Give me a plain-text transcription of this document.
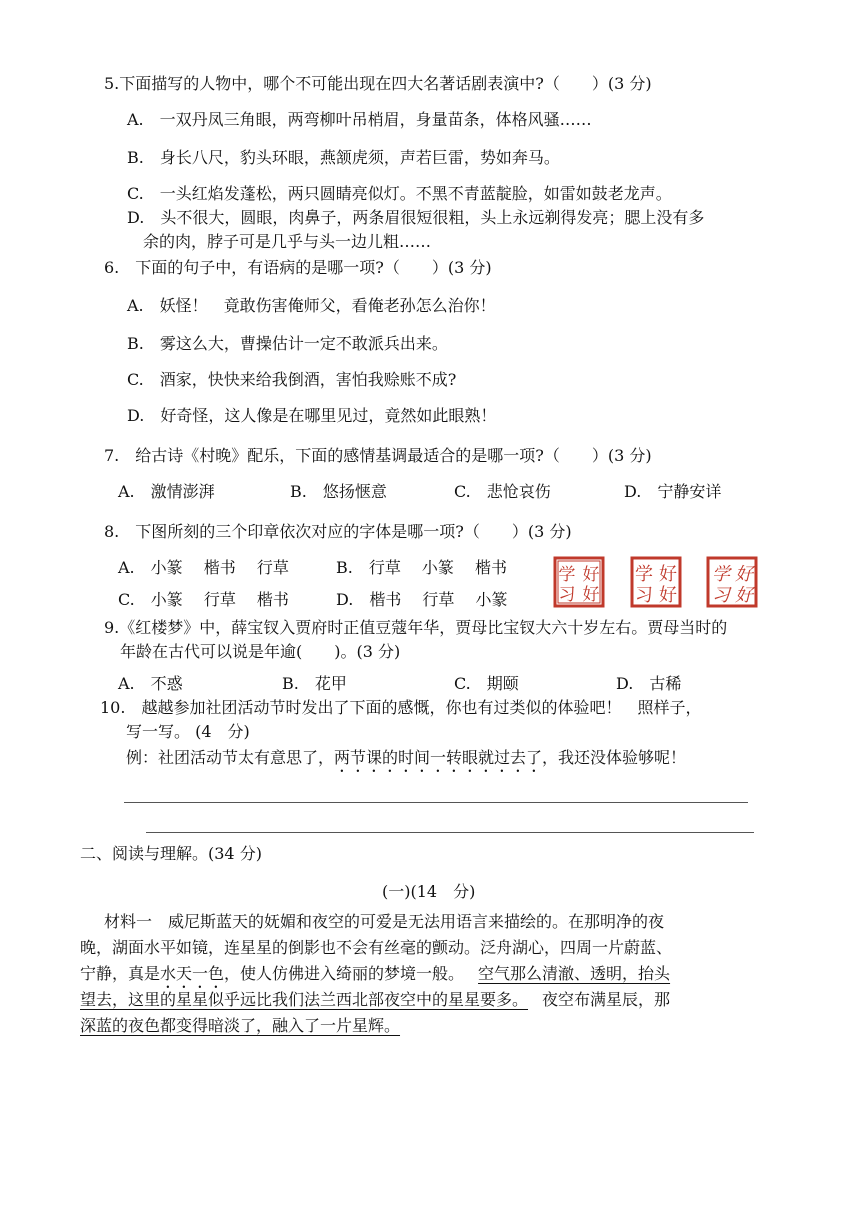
5.下面描写的人物中，哪个不可能出现在四大名著话剧表演中?（　　）(3 分)
A.　一双丹凤三角眼，两弯柳叶吊梢眉，身量苗条，体格风骚……
B.　身长八尺，豹头环眼，燕颔虎须，声若巨雷，势如奔马。
C.　一头红焰发蓬松，两只圆睛亮似灯。不黑不青蓝靛脸，如雷如鼓老龙声。
D.　头不很大，圆眼，肉鼻子，两条眉很短很粗，头上永远剃得发亮；腮上没有多
余的肉，脖子可是几乎与头一边儿粗……
6.　下面的句子中，有语病的是哪一项?（　　）(3 分)
A.　妖怪！　竟敢伤害俺师父，看俺老孙怎么治你！
B.　雾这么大，曹操估计一定不敢派兵出来。
C.　酒家，快快来给我倒酒，害怕我赊账不成?
D.　好奇怪，这人像是在哪里见过，竟然如此眼熟！
7.　给古诗《村晚》配乐，下面的感情基调最适合的是哪一项?（　　）(3 分)
A.　激情澎湃	B.　悠扬惬意	C.　悲怆哀伤	D.　宁静安详
8.　下图所刻的三个印章依次对应的字体是哪一项?（　　）(3 分)
A.　小篆　 楷书　 行草	B.　行草　 小篆　 楷书
C.　小篆　 行草　 楷书	D.　楷书　 行草　 小篆
学 好
习 好
学 好
习 好
学 好
习 好
9.《红楼梦》中，薛宝钗入贾府时正值豆蔻年华，贾母比宝钗大六十岁左右。贾母当时的
年龄在古代可以说是年逾(　　)。(3 分)
A.　不惑	B.　花甲	C.　期颐	D.　古稀
10.　越越参加社团活动节时发出了下面的感慨，你也有过类似的体验吧！　照样子，
写一写。 (4　分)
例：社团活动节太有意思了，两节课的时间一转眼就过去了，我还没体验够呢！
二、阅读与理解。(34 分)
(一)(14　分)
材料一　威尼斯蓝天的妩媚和夜空的可爱是无法用语言来描绘的。在那明净的夜
晚，湖面水平如镜，连星星的倒影也不会有丝毫的颤动。泛舟湖心，四周一片蔚蓝、
宁静，真是水天一色，使人仿佛进入绮丽的梦境一般。 空气那么清澈、透明，抬头
望去，这里的星星似乎远比我们法兰西北部夜空中的星星要多。 夜空布满星辰，那
深蓝的夜色都变得暗淡了，融入了一片星辉。
